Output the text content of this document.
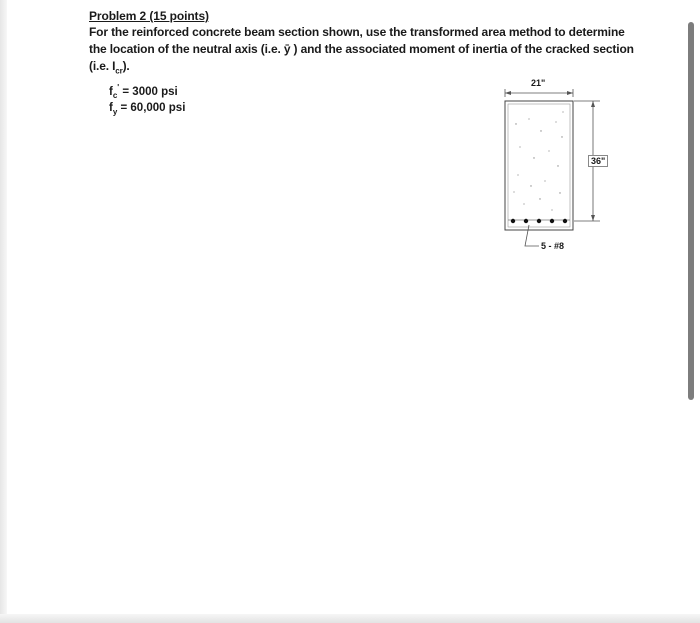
Problem 2 (15 points)
For the reinforced concrete beam section shown, use the transformed area method to determine
the location of the neutral axis (i.e. ȳ ) and the associated moment of inertia of the cracked section
(i.e. $I_{cr}$).
$f_c' = 3000$ psi
$f_y = 60,000$ psi
21"
36"
5 - #8
